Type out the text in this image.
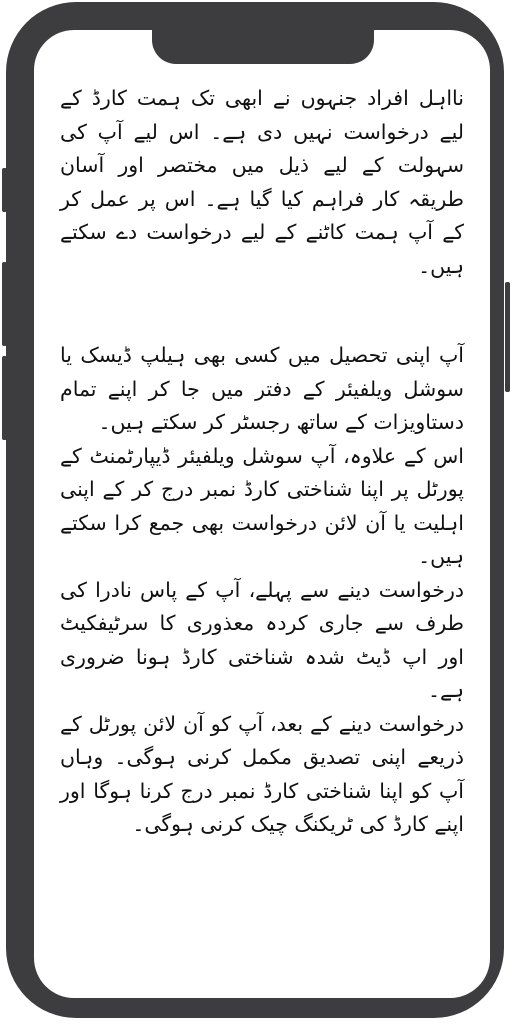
نااہل افراد جنہوں نے ابھی تک ہمت کارڈ کے لیے درخواست نہیں دی ہے۔ اس لیے آپ کی سہولت کے لیے ذیل میں مختصر اور آسان طریقہ کار فراہم کیا گیا ہے۔ اس پر عمل کر کے آپ ہمت کاٹنے کے لیے درخواست دے سکتے ہیں۔

آپ اپنی تحصیل میں کسی بھی ہیلپ ڈیسک یا سوشل ویلفیئر کے دفتر میں جا کر اپنے تمام دستاویزات کے ساتھ رجسٹر کر سکتے ہیں۔

اس کے علاوہ، آپ سوشل ویلفیئر ڈیپارٹمنٹ کے پورٹل پر اپنا شناختی کارڈ نمبر درج کر کے اپنی اہلیت یا آن لائن درخواست بھی جمع کرا سکتے ہیں۔

درخواست دینے سے پہلے، آپ کے پاس نادرا کی طرف سے جاری کردہ معذوری کا سرٹیفکیٹ اور اپ ڈیٹ شدہ شناختی کارڈ ہونا ضروری ہے۔

درخواست دینے کے بعد، آپ کو آن لائن پورٹل کے ذریعے اپنی تصدیق مکمل کرنی ہوگی۔ وہاں آپ کو اپنا شناختی کارڈ نمبر درج کرنا ہوگا اور اپنے کارڈ کی ٹریکنگ چیک کرنی ہوگی۔
